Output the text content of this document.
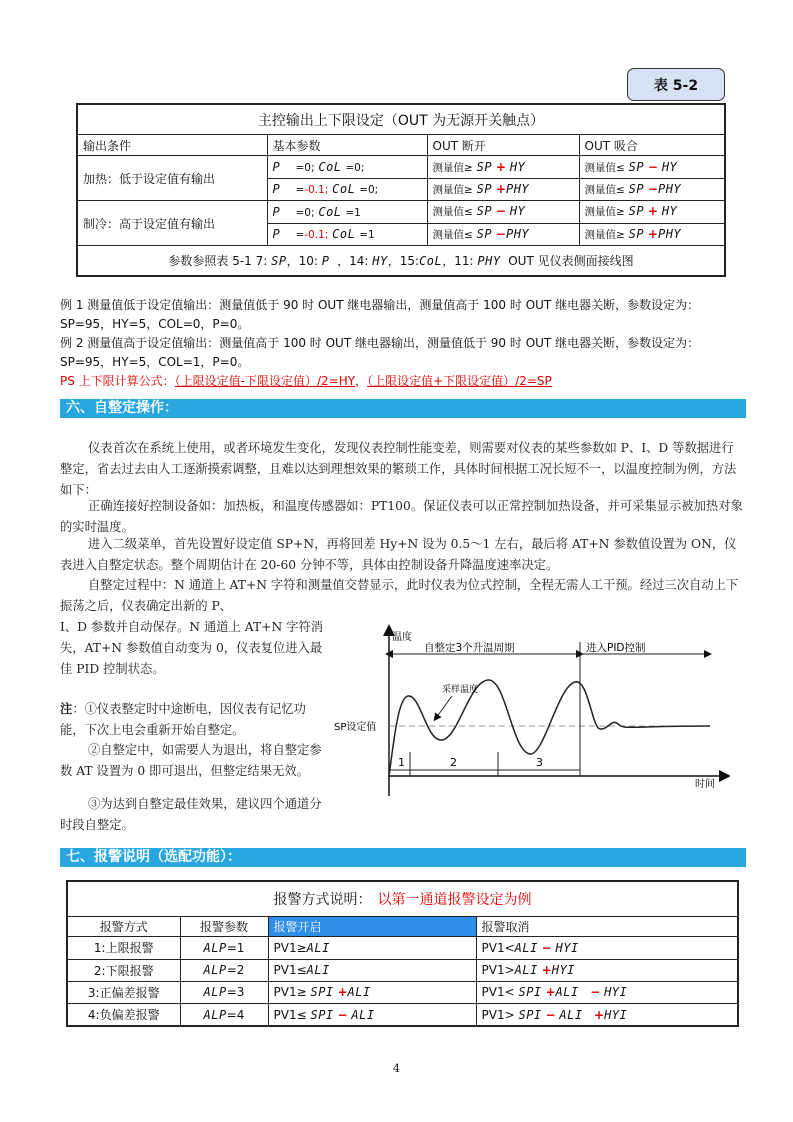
表 5-2
主控输出上下限设定（OUT 为无源开关触点）			
输出条件	基本参数	OUT 断开	OUT 吸合
加热：低于设定值有输出	P =0; CoL =0;	测量值≥ SP + HY	测量值≤ SP − HY
	P =-0.1; CoL =0;	测量值≥ SP +PHY	测量值≤ SP −PHY
制冷：高于设定值有输出	P =0; CoL =1	测量值≤ SP − HY	测量值≥ SP + HY
	P =-0.1; CoL =1	测量值≤ SP −PHY	测量值≥ SP +PHY
参数参照表 5-1 7: SP，10: P ，14: HY，15:CoL，11: PHY OUT 见仪表侧面接线图			
例 1 测量值低于设定值输出：测量值低于 90 时 OUT 继电器输出，测量值高于 100 时 OUT 继电器关断，参数设定为：
SP=95，HY=5，COL=0，P=0。
例 2 测量值高于设定值输出：测量值高于 100 时 OUT 继电器输出，测量值低于 90 时 OUT 继电器关断，参数设定为：
SP=95，HY=5，COL=1，P=0。
PS 上下限计算公式：（上限设定值-下限设定值）/2=HY，（上限设定值+下限设定值）/2=SP
六、自整定操作：
仪表首次在系统上使用，或者环境发生变化，发现仪表控制性能变差，则需要对仪表的某些参数如 P、I、D 等数据进行整定，省去过去由人工逐渐摸索调整，且难以达到理想效果的繁琐工作，具体时间根据工况长短不一，以温度控制为例，方法如下：
正确连接好控制设备如：加热板，和温度传感器如：PT100。保证仪表可以正常控制加热设备，并可采集显示被加热对象的实时温度。
进入二级菜单，首先设置好设定值 SP+N，再将回差 Hy+N 设为 0.5～1 左右，最后将 AT+N 参数值设置为 ON，仪表进入自整定状态。整个周期估计在 20-60 分钟不等，具体由控制设备升降温度速率决定。
自整定过程中：N 通道上 AT+N 字符和测量值交替显示，此时仪表为位式控制，全程无需人工干预。经过三次自动上下振荡之后，仪表确定出新的 P、
I、D 参数并自动保存。N 通道上 AT+N 字符消失，AT+N 参数值自动变为 0，仪表复位进入最佳 PID 控制状态。
注：①仪表整定时中途断电，因仪表有记忆功能，下次上电会重新开始自整定。
②自整定中，如需要人为退出，将自整定参数 AT 设置为 0 即可退出，但整定结果无效。
③为达到自整定最佳效果，建议四个通道分时段自整定。
温度
时间
SP设定值
自整定3个升温周期	进入PID控制
采样温度
1	2	3
七、报警说明（选配功能）：
报警方式说明： 以第一通道报警设定为例			
报警方式	报警参数	报警开启	报警取消
1:上限报警	ALP=1	PV1≥ALI	PV1<ALI − HYI
2:下限报警	ALP=2	PV1≤ALI	PV1>ALI +HYI
3:正偏差报警	ALP=3	PV1≥ SPI +ALI	PV1< SPI +ALI − HYI
4:负偏差报警	ALP=4	PV1≤ SPI − ALI	PV1> SPI − ALI +HYI
4
